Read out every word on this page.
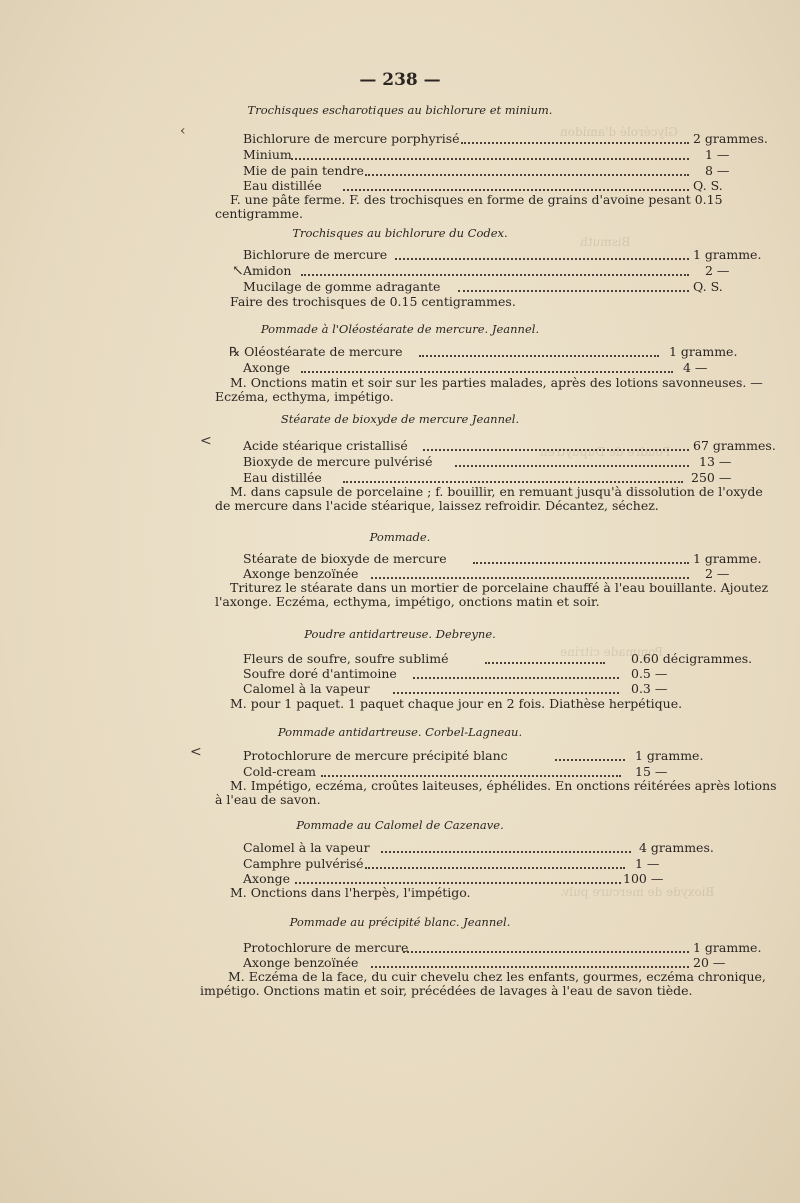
Glycérolé d'amidon
Bismuth
Poudre de Dupuytren
Pommade citrine
Bioxyde de mercure pulv.
— 238 —
Trochisques escharotiques au bichlorure et minium.
Bichlorure de mercure porphyrisé	2 grammes.
Minium	1 —
Mie de pain tendre	8 —
Eau distillée	Q. S.
F. une pâte ferme. F. des trochisques en forme de grains d'avoine pesant 0.15 centigramme.
Trochisques au bichlorure du Codex.
Bichlorure de mercure	1 gramme.
Amidon	2 —
Mucilage de gomme adragante	Q. S.
Faire des trochisques de 0.15 centigrammes.
Pommade à l'Oléostéarate de mercure. Jeannel.
℞ Oléostéarate de mercure	1 gramme.
Axonge	4 —
M. Onctions matin et soir sur les parties malades, après des lotions savonneuses. — Eczéma, ecthyma, impétigo.
Stéarate de bioxyde de mercure Jeannel.
Acide stéarique cristallisé	67 grammes.
Bioxyde de mercure pulvérisé	13 —
Eau distillée	250 —
M. dans capsule de porcelaine ; f. bouillir, en remuant jusqu'à dissolution de l'oxyde de mercure dans l'acide stéarique, laissez refroidir. Décantez, séchez.
Pommade.
Stéarate de bioxyde de mercure	1 gramme.
Axonge benzoïnée	2 —
Triturez le stéarate dans un mortier de porcelaine chauffé à l'eau bouillante. Ajoutez l'axonge. Eczéma, ecthyma, impétigo, onctions matin et soir.
Poudre antidartreuse. Debreyne.
Fleurs de soufre, soufre sublimé	0.60 décigrammes.
Soufre doré d'antimoine	0.5 —
Calomel à la vapeur	0.3 —
M. pour 1 paquet. 1 paquet chaque jour en 2 fois. Diathèse herpétique.
Pommade antidartreuse. Corbel-Lagneau.
Protochlorure de mercure précipité blanc	1 gramme.
Cold-cream	15 —
M. Impétigo, eczéma, croûtes laiteuses, éphélides. En onctions réitérées après lotions à l'eau de savon.
Pommade au Calomel de Cazenave.
Calomel à la vapeur	4 grammes.
Camphre pulvérisé	1 —
Axonge	100 —
M. Onctions dans l'herpès, l'impétigo.
Pommade au précipité blanc. Jeannel.
Protochlorure de mercure	1 gramme.
Axonge benzoïnée	20 —
M. Eczéma de la face, du cuir chevelu chez les enfants, gourmes, eczéma chronique, impétigo. Onctions matin et soir, précédées de lavages à l'eau de savon tiède.
‹
↖
<
<
